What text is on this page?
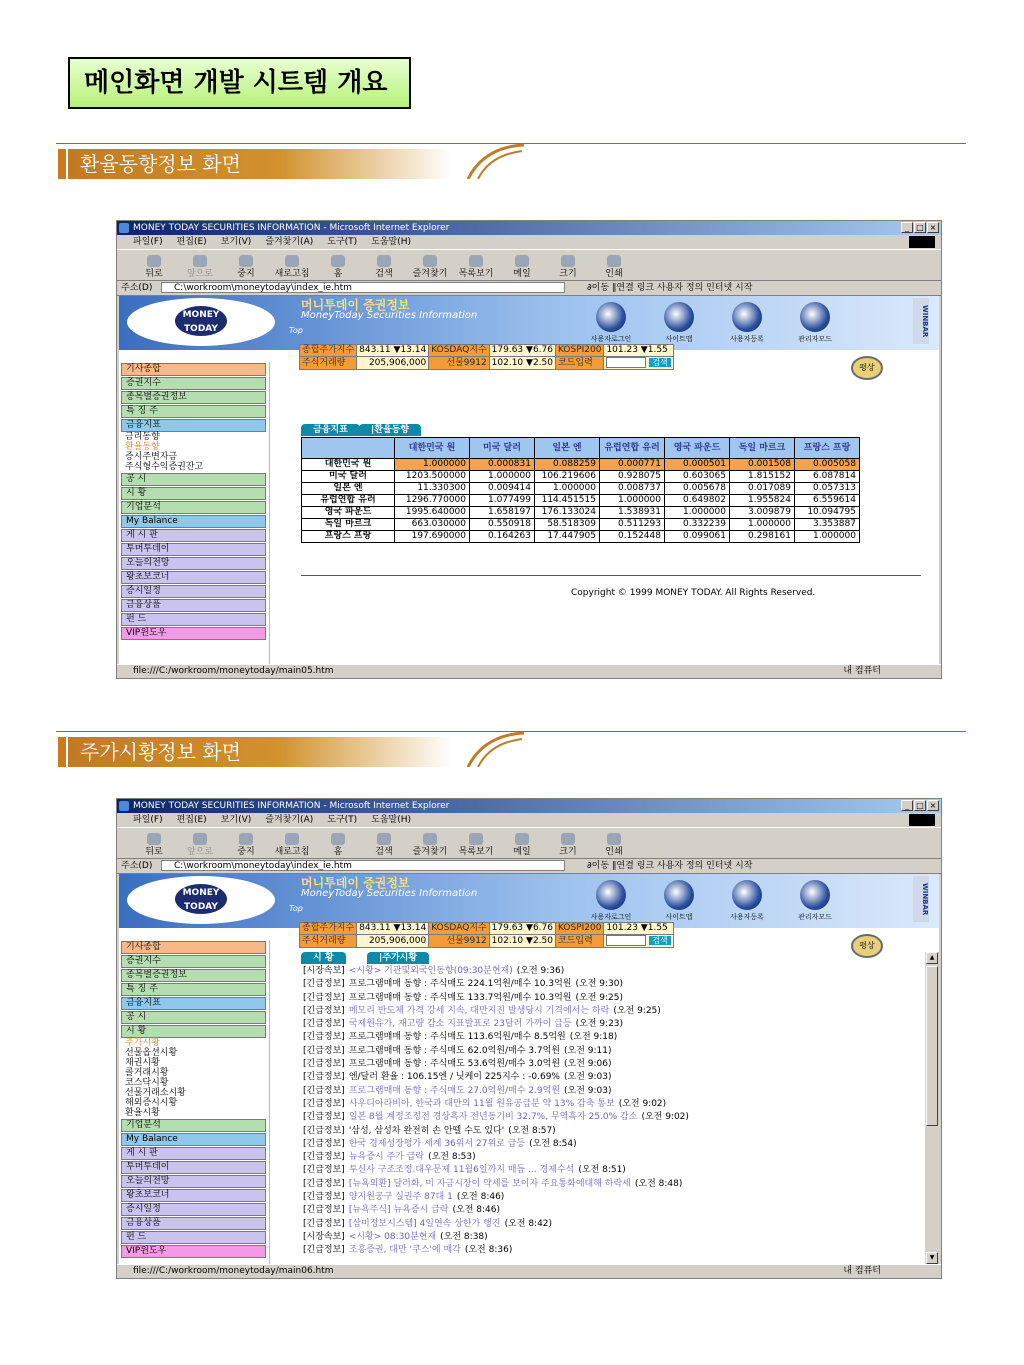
메인화면 개발 시트템 개요
환율동향정보 화면
주가시황정보 화면
MONEY TODAY SECURITIES INFORMATION - Microsoft Internet Explorer	_ □ ×
파일(F) 편집(E) 보기(V) 즐겨찾기(A) 도구(T) 도움말(H)
뒤로	앞으로	중지	새로고침	홈	검색	즐겨찾기	목록보기	메일	크기	인쇄
주소(D)	C:\workroom\moneytoday\index_ie.htm	∂이동 ∥연결 링크 사용자 정의 인터넷 시작
MONEY TODAY
머니투데이 증권정보
MoneyToday Securities Information
Top
사용자로그인	사이트맵	사용자등록	관리자모드
WINBAR
종합주가지수	843.11 ▼13.14	KOSDAQ지수	179.63 ▼6.76	KOSPI200	101.23 ▼1.55
주식거래량	205,906,000	선물9912	102.10 ▼2.50	코드입력	검색
평상
기사종합
증권지수
종목별증권정보
특 징 주
금융지표
금리동향
환율동향
증시주변자금
주식형수익증권잔고
공 시
시 황
기업분석
My Balance
게 시 판
투머투데이
오늘의전망
왕초보코너
증시일정
금융상품
펀 드
VIP윈도우
금융지표	|환율동향
	대한민국 원	미국 달러	일본 엔	유럽연합 유러	영국 파운드	독일 마르크	프랑스 프랑
대한민국 원	1.000000	0.000831	0.088259	0.000771	0.000501	0.001508	0.005058
미국 달러	1203.500000	1.000000	106.219606	0.928075	0.603065	1.815152	6.087814
일본 엔	11.330300	0.009414	1.000000	0.008737	0.005678	0.017089	0.057313
유럽연합 유러	1296.770000	1.077499	114.451515	1.000000	0.649802	1.955824	6.559614
영국 파운드	1995.640000	1.658197	176.133024	1.538931	1.000000	3.009879	10.094795
독일 마르크	663.030000	0.550918	58.518309	0.511293	0.332239	1.000000	3.353887
프랑스 프랑	197.690000	0.164263	17.447905	0.152448	0.099061	0.298161	1.000000
Copyright © 1999 MONEY TODAY. All Rights Reserved.
file:///C:/workroom/moneytoday/main05.htm	내 컴퓨터
MONEY TODAY SECURITIES INFORMATION - Microsoft Internet Explorer	_ □ ×
파일(F) 편집(E) 보기(V) 즐겨찾기(A) 도구(T) 도움말(H)
뒤로	앞으로	중지	새로고침	홈	검색	즐겨찾기	목록보기	메일	크기	인쇄
주소(D)	C:\workroom\moneytoday\index_ie.htm	∂이동 ∥연결 링크 사용자 정의 인터넷 시작
MONEY TODAY
머니투데이 증권정보
MoneyToday Securities Information
Top
사용자로그인	사이트맵	사용자등록	관리자모드
WINBAR
종합주가지수	843.11 ▼13.14	KOSDAQ지수	179.63 ▼6.76	KOSPI200	101.23 ▼1.55
주식거래량	205,906,000	선물9912	102.10 ▼2.50	코드입력	검색
평상
기사종합
증권지수
종목별증권정보
특 징 주
금융지표
공 시
시 황
주가시황
선물옵션시황
채권시황
콜거래시황
코스닥시황
선물거래소시황
해외증시시황
환율시황
기업분석
My Balance
게 시 판
투머투데이
오늘의전망
왕초보코너
증시일정
금융상품
펀 드
VIP윈도우
시 황	|주가시황
[시장속보] <시황> 기관및외국인동향(09:30분현재) (오전 9:36)
[긴급정보] 프로그램매매 동향 : 주식매도 224.1억원/매수 10.3억원 (오전 9:30)
[긴급정보] 프로그램매매 동향 : 주식매도 133.7억원/매수 10.3억원 (오전 9:25)
[긴급정보] 메모리 반도체 가격 강세 지속, 대만지진 발생당시 기격에서는 하락 (오전 9:25)
[긴급정보] 국제원유가, 재고량 감소 지표발표로 23달러 가까이 급등 (오전 9:23)
[긴급정보] 프로그램매매 동향 : 주식매도 113.6억원/매수 8.5억원 (오전 9:18)
[긴급정보] 프로그램매매 동향 : 주식매도 62.0억원/매수 3.7억원 (오전 9:11)
[긴급정보] 프로그램매매 동향 : 주식매도 53.6억원/매수 3.0억원 (오전 9:06)
[긴급정보] 엔/달러 환율 : 106.15엔 / 닛케이 225지수 : -0.69% (오전 9:03)
[긴급정보] 프로그램매매 동향 : 주식매도 27.0억원/매수 2.9억원 (오전 9:03)
[긴급정보] 사우디아라비아, 한국과 대만의 11월 원유공급분 약 13% 감축 통보 (오전 9:02)
[긴급정보] 일본 8월 계정조정전 경상흑자 전년동기비 32.7%, 무역흑자 25.0% 감소 (오전 9:02)
[긴급정보] '삼성, 삼성차 완전히 손 안뗄 수도 있다' (오전 8:57)
[긴급정보] 한국 경제성장평가 세계 36위서 27위로 급등 (오전 8:54)
[긴급정보] 뉴욕증시 주가 급락 (오전 8:53)
[긴급정보] 투신사 구조조정.대우문제 11월6일까지 매듭 ... 경제수석 (오전 8:51)
[긴급정보] [뉴욕외환] 달러화, 미 자금시장이 약세를 보이자 주요통화에대해 하락세 (오전 8:48)
[긴급정보] 양지원공구 실권주 87대 1 (오전 8:46)
[긴급정보] [뉴욕주식] 뉴욕증시 급락 (오전 8:46)
[긴급정보] [삼미정보시스템] 4일연속 상한가 행진 (오전 8:42)
[시장속보] <시황> 08:30분현재 (오전 8:38)
[긴급정보] 조흥증권, 대만 '쿠스'에 매각 (오전 8:36)
▲
▼
file:///C:/workroom/moneytoday/main06.htm	내 컴퓨터
